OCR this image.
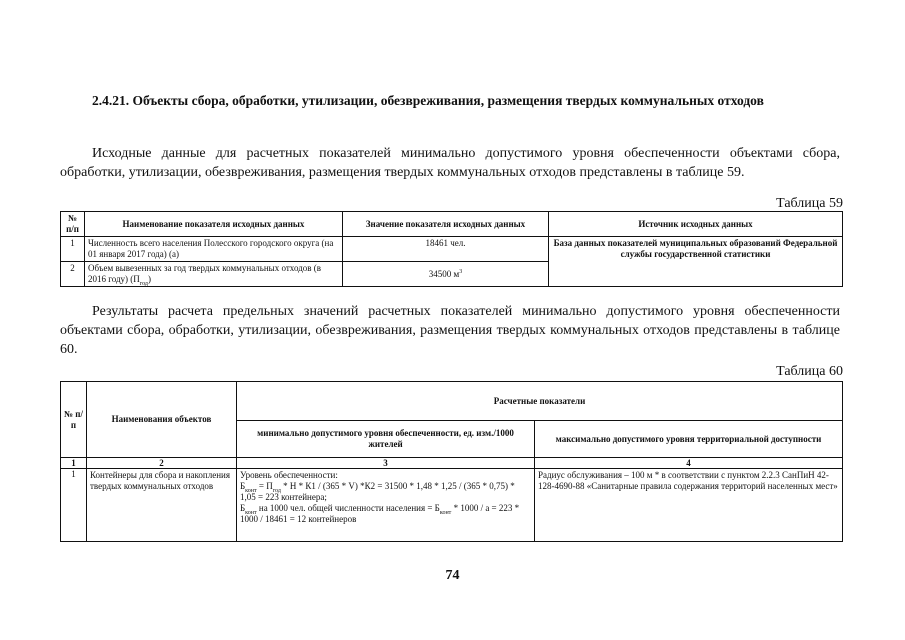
2.4.21. Объекты сбора, обработки, утилизации, обезвреживания, размещения твердых коммунальных отходов
Исходные данные для расчетных показателей минимально допустимого уровня обеспеченности объектами сбора, обработки, утилизации, обезвреживания, размещения твердых коммунальных отходов представлены в таблице 59.
Таблица 59
№ п/п	Наименование показателя исходных данных	Значение показателя исходных данных	Источник исходных данных
1	Численность всего населения Полесского городского округа (на 01 января 2017 года) (а)	18461 чел.	База данных показателей муниципальных образований Федеральной службы государственной статистики
2	Объем вывезенных за год твердых коммунальных отходов (в 2016 году) $(П_{год})$	34500 $м^3$
Результаты расчета предельных значений расчетных показателей минимально допустимого уровня обеспеченности объектами сбора, обработки, утилизации, обезвреживания, размещения твердых коммунальных отходов представлены в таблице 60.
Таблица 60
№ п/п	Наименования объектов	Расчетные показатели	
		минимально допустимого уровня обеспеченности, ед. изм./1000 жителей	максимально допустимого уровня территориальной доступности
1	2	3	4
1	Контейнеры для сбора и накопления твердых коммунальных отходов	Уровень обеспеченности:
$Б_{конт} = П_{год} * Н * К1 / (365 * V) *К2 = 31500 * 1,48 * 1,25 / (365 * 0,75) * 1,05 = 223$ контейнера;
$Б_{конт}$ на 1000 чел. общей численности населения = $Б_{конт} * 1000 / а = 223 * 1000 / 18461 = 12$ контейнеров	Радиус обслуживания – 100 м * в соответствии с пунктом 2.2.3 СанПиН 42-128-4690-88 «Санитарные правила содержания территорий населенных мест»
74
